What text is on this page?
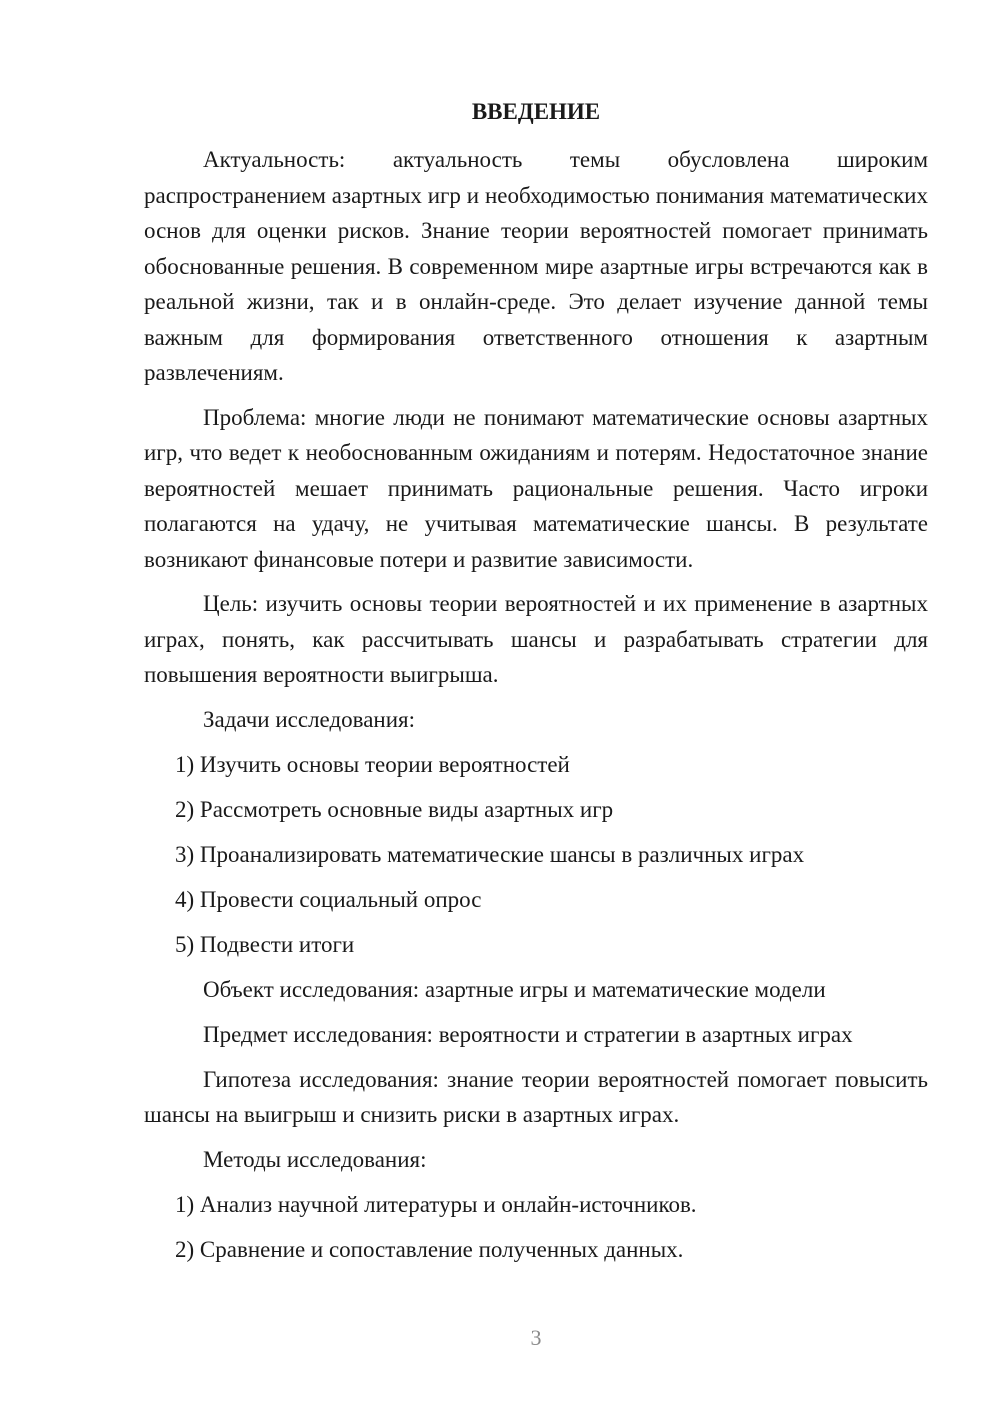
ВВЕДЕНИЕ

Актуальность: актуальность темы обусловлена широким распространением азартных игр и необходимостью понимания математических основ для оценки рисков. Знание теории вероятностей помогает принимать обоснованные решения. В современном мире азартные игры встречаются как в реальной жизни, так и в онлайн-среде. Это делает изучение данной темы важным для формирования ответственного отношения к азартным развлечениям.

Проблема: многие люди не понимают математические основы азартных игр, что ведет к необоснованным ожиданиям и потерям. Недостаточное знание вероятностей мешает принимать рациональные решения. Часто игроки полагаются на удачу, не учитывая математические шансы. В результате возникают финансовые потери и развитие зависимости.

Цель: изучить основы теории вероятностей и их применение в азартных играх, понять, как рассчитывать шансы и разрабатывать стратегии для повышения вероятности выигрыша.

Задачи исследования:

1) Изучить основы теории вероятностей

2) Рассмотреть основные виды азартных игр

3) Проанализировать математические шансы в различных играх

4) Провести социальный опрос

5) Подвести итоги

Объект исследования: азартные игры и математические модели

Предмет исследования: вероятности и стратегии в азартных играх

Гипотеза исследования: знание теории вероятностей помогает повысить шансы на выигрыш и снизить риски в азартных играх.

Методы исследования:

1) Анализ научной литературы и онлайн-источников.

2) Сравнение и сопоставление полученных данных.

3
